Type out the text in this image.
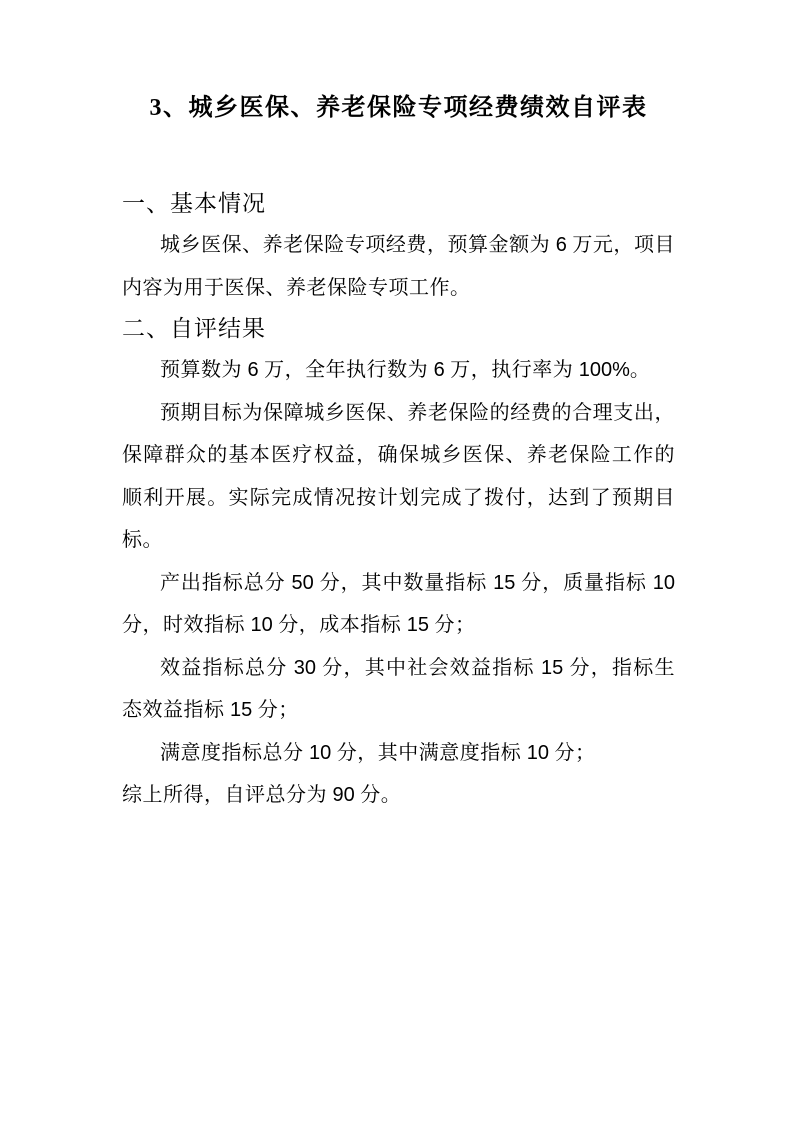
3、城乡医保、养老保险专项经费绩效自评表
一、基本情况

城乡医保、养老保险专项经费，预算金额为 6 万元，项目内容为用于医保、养老保险专项工作。

二、自评结果

预算数为 6 万，全年执行数为 6 万，执行率为 100%。

预期目标为保障城乡医保、养老保险的经费的合理支出，保障群众的基本医疗权益，确保城乡医保、养老保险工作的顺利开展。实际完成情况按计划完成了拨付，达到了预期目标。

产出指标总分 50 分，其中数量指标 15 分，质量指标 10 分，时效指标 10 分，成本指标 15 分；

效益指标总分 30 分，其中社会效益指标 15 分，指标生态效益指标 15 分；

满意度指标总分 10 分，其中满意度指标 10 分；

综上所得，自评总分为 90 分。
